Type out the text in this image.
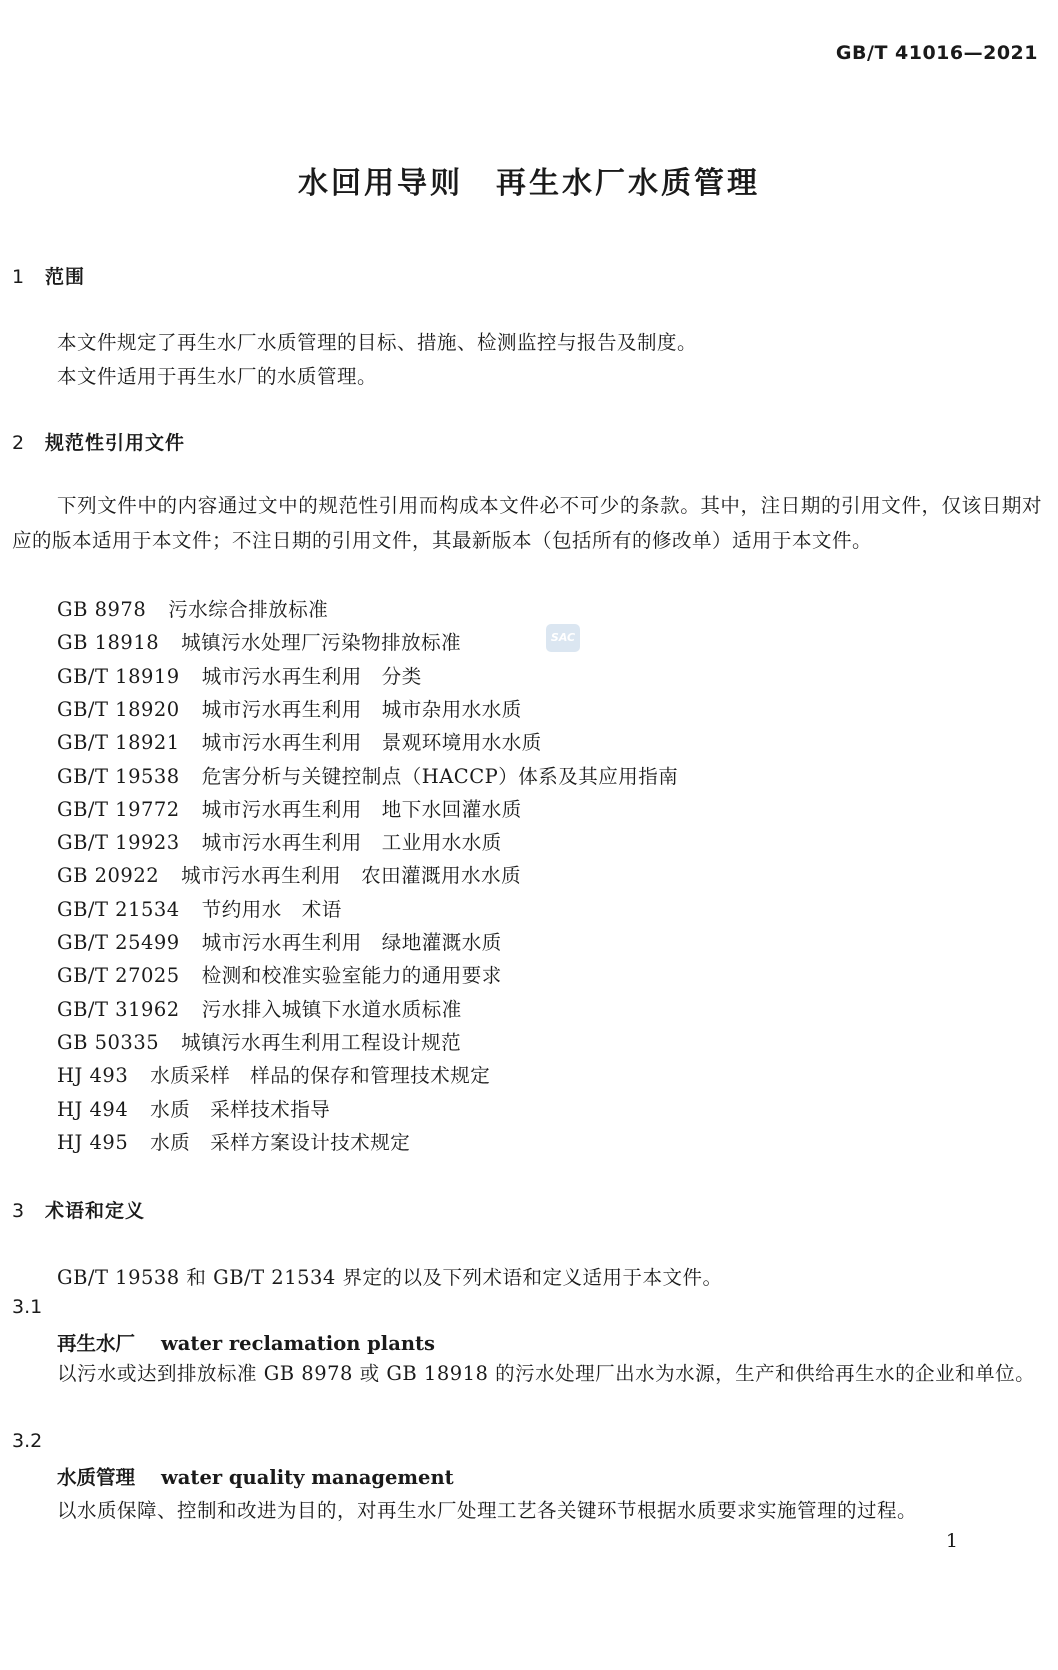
GB/T 41016—2021
水回用导则　再生水厂水质管理
1 范围
本文件规定了再生水厂水质管理的目标、措施、检测监控与报告及制度。
本文件适用于再生水厂的水质管理。
2 规范性引用文件
下列文件中的内容通过文中的规范性引用而构成本文件必不可少的条款。其中，注日期的引用文件，仅该日期对应的版本适用于本文件；不注日期的引用文件，其最新版本（包括所有的修改单）适用于本文件。
GB 8978 污水综合排放标准
GB 18918 城镇污水处理厂污染物排放标准
GB/T 18919 城市污水再生利用　分类
GB/T 18920 城市污水再生利用　城市杂用水水质
GB/T 18921 城市污水再生利用　景观环境用水水质
GB/T 19538 危害分析与关键控制点（HACCP）体系及其应用指南
GB/T 19772 城市污水再生利用　地下水回灌水质
GB/T 19923 城市污水再生利用　工业用水水质
GB 20922 城市污水再生利用　农田灌溉用水水质
GB/T 21534 节约用水　术语
GB/T 25499 城市污水再生利用　绿地灌溉水质
GB/T 27025 检测和校准实验室能力的通用要求
GB/T 31962 污水排入城镇下水道水质标准
GB 50335 城镇污水再生利用工程设计规范
HJ 493 水质采样　样品的保存和管理技术规定
HJ 494 水质　采样技术指导
HJ 495 水质　采样方案设计技术规定
SAC
3 术语和定义
GB/T 19538 和 GB/T 21534 界定的以及下列术语和定义适用于本文件。
3.1
再生水厂 water reclamation plants
以污水或达到排放标准 GB 8978 或 GB 18918 的污水处理厂出水为水源，生产和供给再生水的企业和单位。
3.2
水质管理 water quality management
以水质保障、控制和改进为目的，对再生水厂处理工艺各关键环节根据水质要求实施管理的过程。
1
